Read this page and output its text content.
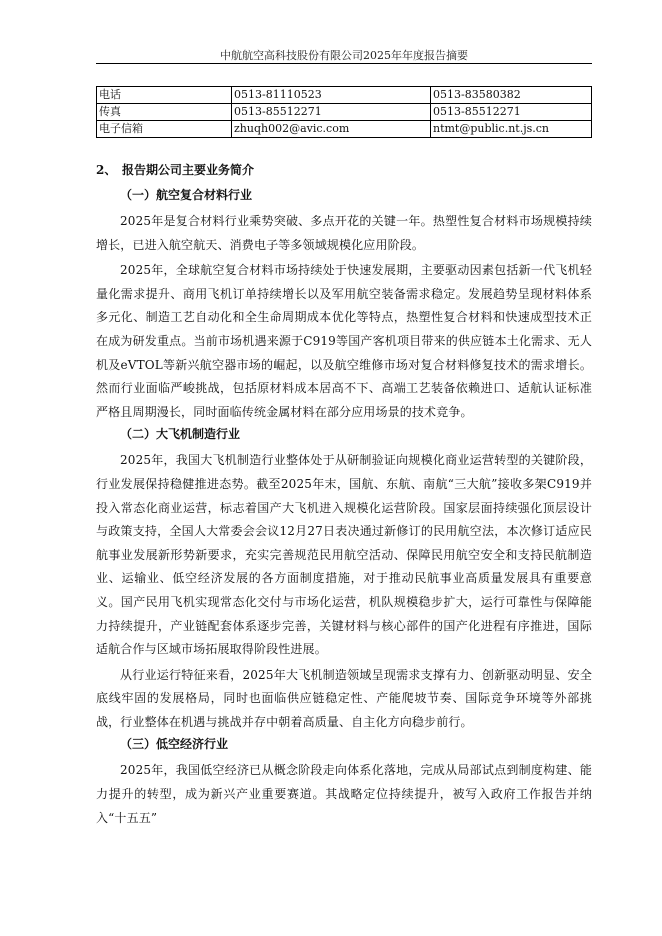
中航航空高科技股份有限公司2025年年度报告摘要
电话	0513-81110523	0513-83580382
传真	0513-85512271	0513-85512271
电子信箱	zhuqh002@avic.com	ntmt@public.nt.js.cn
2、 报告期公司主要业务简介
（一）航空复合材料行业

2025年是复合材料行业乘势突破、多点开花的关键一年。热塑性复合材料市场规模持续增长，已进入航空航天、消费电子等多领域规模化应用阶段。

2025年，全球航空复合材料市场持续处于快速发展期，主要驱动因素包括新一代飞机轻量化需求提升、商用飞机订单持续增长以及军用航空装备需求稳定。发展趋势呈现材料体系多元化、制造工艺自动化和全生命周期成本优化等特点，热塑性复合材料和快速成型技术正在成为研发重点。当前市场机遇来源于C919等国产客机项目带来的供应链本土化需求、无人机及eVTOL等新兴航空器市场的崛起，以及航空维修市场对复合材料修复技术的需求增长。然而行业面临严峻挑战，包括原材料成本居高不下、高端工艺装备依赖进口、适航认证标准严格且周期漫长，同时面临传统金属材料在部分应用场景的技术竞争。

（二）大飞机制造行业

2025年，我国大飞机制造行业整体处于从研制验证向规模化商业运营转型的关键阶段，行业发展保持稳健推进态势。截至2025年末，国航、东航、南航“三大航”接收多架C919并投入常态化商业运营，标志着国产大飞机进入规模化运营阶段。国家层面持续强化顶层设计与政策支持，全国人大常委会会议12月27日表决通过新修订的民用航空法，本次修订适应民航事业发展新形势新要求，充实完善规范民用航空活动、保障民用航空安全和支持民航制造业、运输业、低空经济发展的各方面制度措施，对于推动民航事业高质量发展具有重要意义。国产民用飞机实现常态化交付与市场化运营，机队规模稳步扩大，运行可靠性与保障能力持续提升，产业链配套体系逐步完善，关键材料与核心部件的国产化进程有序推进，国际适航合作与区域市场拓展取得阶段性进展。

从行业运行特征来看，2025年大飞机制造领域呈现需求支撑有力、创新驱动明显、安全底线牢固的发展格局，同时也面临供应链稳定性、产能爬坡节奏、国际竞争环境等外部挑战，行业整体在机遇与挑战并存中朝着高质量、自主化方向稳步前行。

（三）低空经济行业

2025年，我国低空经济已从概念阶段走向体系化落地，完成从局部试点到制度构建、能力提升的转型，成为新兴产业重要赛道。其战略定位持续提升，被写入政府工作报告并纳入“十五五”
